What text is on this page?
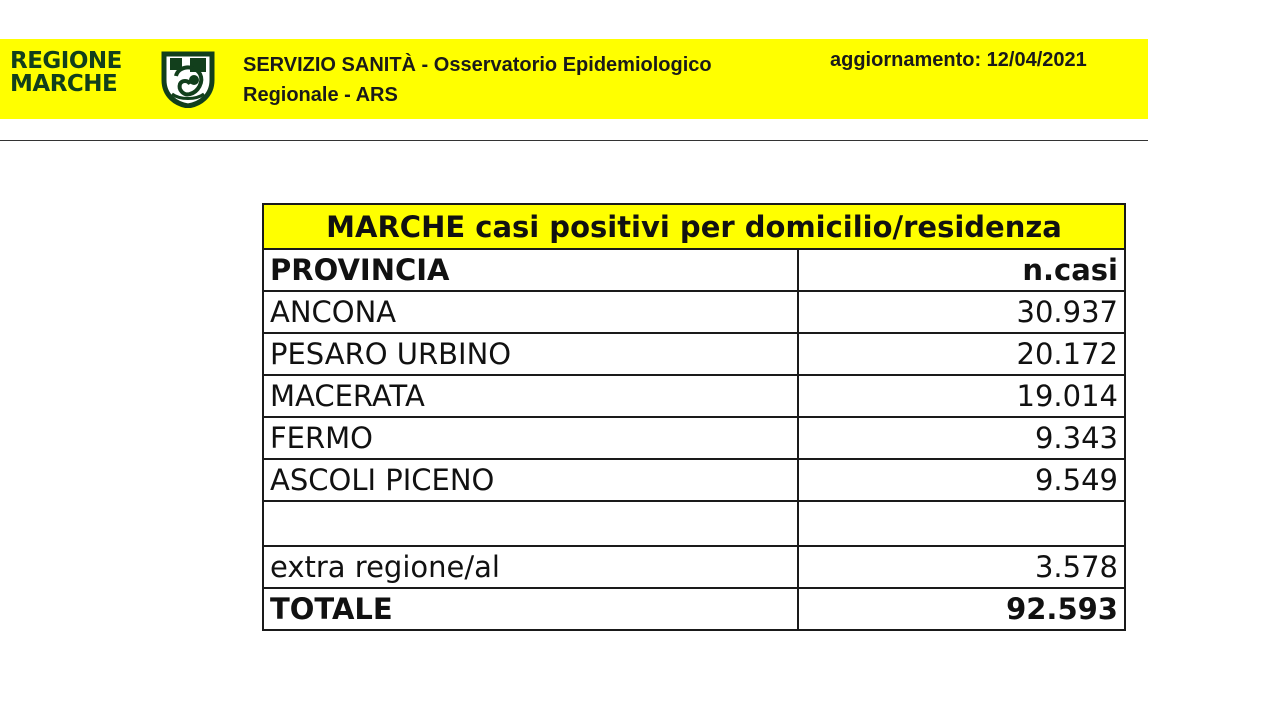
REGIONE
MARCHE
SERVIZIO SANITÀ - Osservatorio Epidemiologico
Regionale - ARS
aggiornamento: 12/04/2021
MARCHE casi positivi per domicilio/residenza	
PROVINCIA	n.casi
ANCONA	30.937
PESARO URBINO	20.172
MACERATA	19.014
FERMO	9.343
ASCOLI PICENO	9.549

extra regione/al	3.578
TOTALE	92.593
